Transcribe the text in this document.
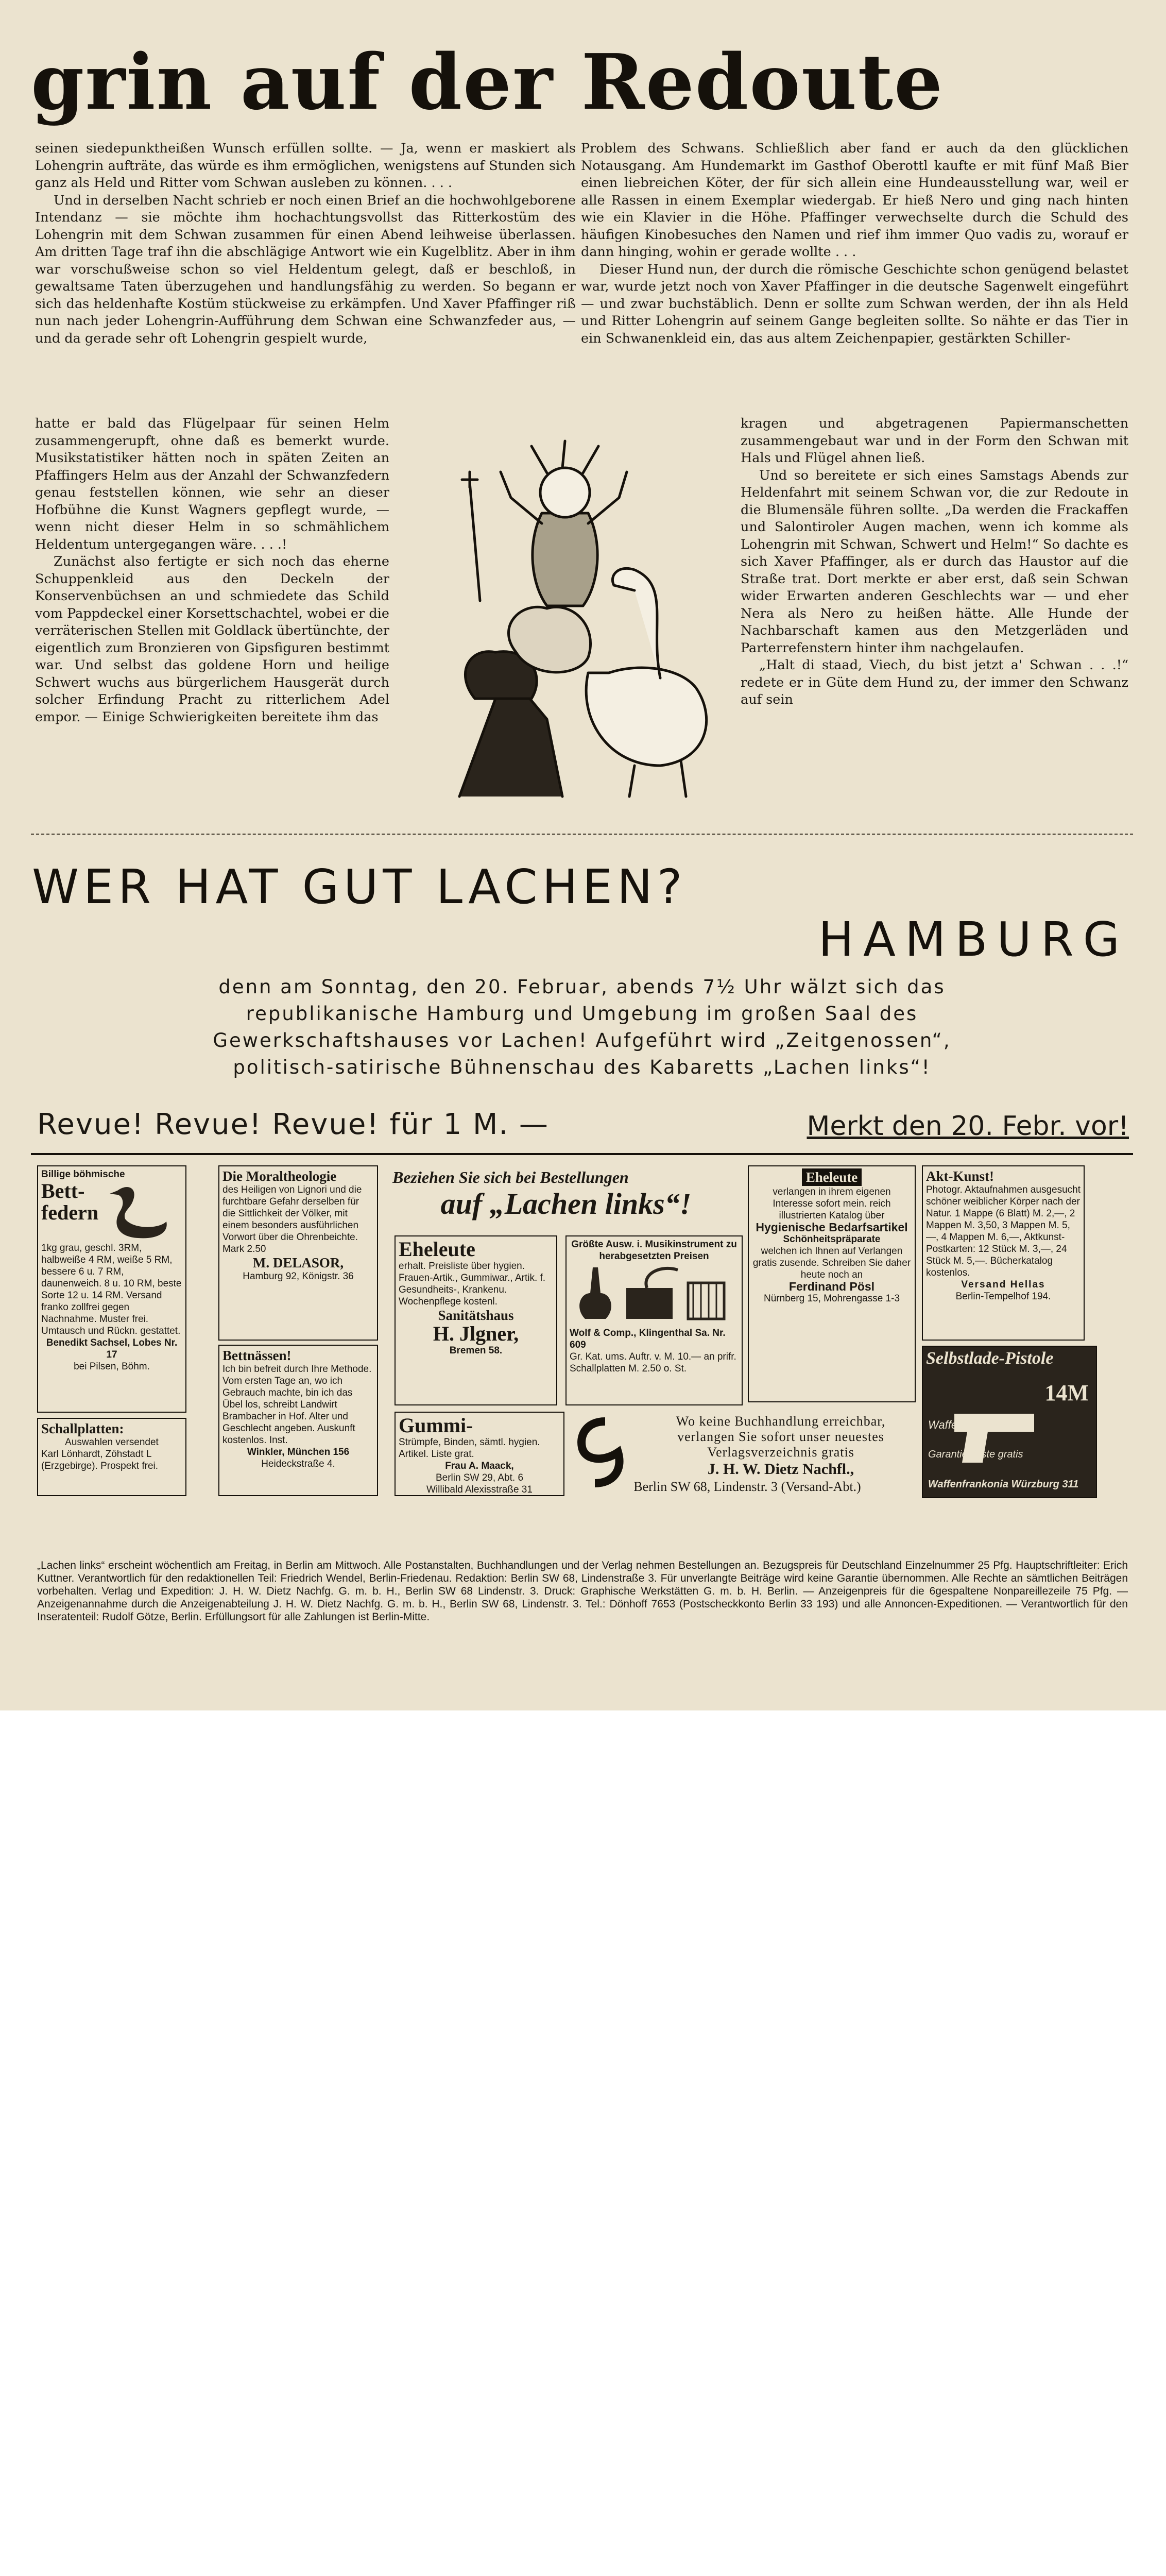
grin auf der Redoute

seinen siedepunktheißen Wunsch erfüllen sollte. — Ja, wenn er maskiert als Lohengrin aufträte, das würde es ihm ermöglichen, wenigstens auf Stunden sich ganz als Held und Ritter vom Schwan ausleben zu können. . . .

Und in derselben Nacht schrieb er noch einen Brief an die hochwohlgeborene Intendanz — sie möchte ihm hochachtungsvollst das Ritterkostüm des Lohengrin mit dem Schwan zusammen für einen Abend leihweise überlassen. Am dritten Tage traf ihn die abschlägige Antwort wie ein Kugelblitz. Aber in ihm war vorschußweise schon so viel Heldentum gelegt, daß er beschloß, in gewaltsame Taten überzugehen und handlungsfähig zu werden. So begann er sich das heldenhafte Kostüm stückweise zu erkämpfen. Und Xaver Pfaffinger riß nun nach jeder Lohengrin-Aufführung dem Schwan eine Schwanzfeder aus, — und da gerade sehr oft Lohengrin gespielt wurde,

Problem des Schwans. Schließlich aber fand er auch da den glücklichen Notausgang. Am Hundemarkt im Gasthof Oberottl kaufte er mit fünf Maß Bier einen liebreichen Köter, der für sich allein eine Hundeausstellung war, weil er alle Rassen in einem Exemplar wiedergab. Er hieß Nero und ging nach hinten wie ein Klavier in die Höhe. Pfaffinger verwechselte durch die Schuld des häufigen Kinobesuches den Namen und rief ihm immer Quo vadis zu, worauf er dann hinging, wohin er gerade wollte . . .

Dieser Hund nun, der durch die römische Geschichte schon genügend belastet war, wurde jetzt noch von Xaver Pfaffinger in die deutsche Sagenwelt eingeführt — und zwar buchstäblich. Denn er sollte zum Schwan werden, der ihn als Held und Ritter Lohengrin auf seinem Gange begleiten sollte. So nähte er das Tier in ein Schwanenkleid ein, das aus altem Zeichenpapier, gestärkten Schiller-

hatte er bald das Flügelpaar für seinen Helm zusammengerupft, ohne daß es bemerkt wurde. Musikstatistiker hätten noch in späten Zeiten an Pfaffingers Helm aus der Anzahl der Schwanzfedern genau feststellen können, wie sehr an dieser Hofbühne die Kunst Wagners gepflegt wurde, — wenn nicht dieser Helm in so schmählichem Heldentum untergegangen wäre. . . .!

Zunächst also fertigte er sich noch das eherne Schuppenkleid aus den Deckeln der Konservenbüchsen an und schmiedete das Schild vom Pappdeckel einer Korsettschachtel, wobei er die verräterischen Stellen mit Goldlack übertünchte, der eigentlich zum Bronzieren von Gipsfiguren bestimmt war. Und selbst das goldene Horn und heilige Schwert wuchs aus bürgerlichem Hausgerät durch solcher Erfindung Pracht zu ritterlichem Adel empor. — Einige Schwierigkeiten bereitete ihm das

kragen und abgetragenen Papiermanschetten zusammengebaut war und in der Form den Schwan mit Hals und Flügel ahnen ließ.

Und so bereitete er sich eines Samstags Abends zur Heldenfahrt mit seinem Schwan vor, die zur Redoute in die Blumensäle führen sollte. „Da werden die Frackaffen und Salontiroler Augen machen, wenn ich komme als Lohengrin mit Schwan, Schwert und Helm!“ So dachte es sich Xaver Pfaffinger, als er durch das Haustor auf die Straße trat. Dort merkte er aber erst, daß sein Schwan wider Erwarten anderen Geschlechts war — und eher Nera als Nero zu heißen hätte. Alle Hunde der Nachbarschaft kamen aus den Metzgerläden und Parterrefenstern hinter ihm nachgelaufen.

„Halt di staad, Viech, du bist jetzt a' Schwan . . .!“ redete er in Güte dem Hund zu, der immer den Schwanz auf sein

WER HAT GUT LACHEN?
HAMBURG
denn am Sonntag, den 20. Februar, abends 7½ Uhr wälzt sich das
republikanische Hamburg und Umgebung im großen Saal des
Gewerkschaftshauses vor Lachen! Aufgeführt wird „Zeitgenossen“,
politisch-satirische Bühnenschau des Kabaretts „Lachen links“!
Revue! Revue! Revue! für 1 M. —	Merkt den 20. Febr. vor!
Billige böhmische
Bett-federn
1kg grau, geschl. 3RM, halbweiße 4 RM, weiße 5 RM, bessere 6 u. 7 RM, daunenweich. 8 u. 10 RM, beste Sorte 12 u. 14 RM. Versand franko zollfrei gegen Nachnahme. Muster frei. Umtausch und Rückn. gestattet.
Benedikt Sachsel, Lobes Nr. 17
bei Pilsen, Böhm.
Schallplatten:
Auswahlen versendet
Karl Lönhardt, Zöhstadt L (Erzgebirge). Prospekt frei.
Die Moraltheologie
des Heiligen von Lignori und die furchtbare Gefahr derselben für die Sittlichkeit der Völker, mit einem besonders ausführlichen Vorwort über die Ohrenbeichte. Mark 2.50
M. DELASOR,
Hamburg 92, Königstr. 36
Bettnässen!
Ich bin befreit durch Ihre Methode. Vom ersten Tage an, wo ich Gebrauch machte, bin ich das Übel los, schreibt Landwirt Brambacher in Hof. Alter und Geschlecht angeben. Auskunft kostenlos. Inst.
Winkler, München 156
Heideckstraße 4.
Beziehen Sie sich bei Bestellungen
auf „Lachen links“!
Eheleute
erhalt. Preisliste über hygien. Frauen-Artik., Gummiwar., Artik. f. Gesundheits-, Krankenu. Wochenpflege kostenl.
Sanitätshaus
H. Jlgner,
Bremen 58.
Größte Ausw. i. Musikinstrument zu herabgesetzten Preisen
Wolf & Comp., Klingenthal Sa. Nr. 609
Gr. Kat. ums. Auftr. v. M. 10.— an prifr. Schallplatten M. 2.50 o. St.
Gummi-
Strümpfe, Binden, sämtl. hygien. Artikel. Liste grat.
Frau A. Maack,
Berlin SW 29, Abt. 6
Willibald Alexisstraße 31
Wo keine Buchhandlung erreichbar, verlangen Sie sofort unser neuestes Verlagsverzeichnis gratis
J. H. W. Dietz Nachfl.,
Berlin SW 68, Lindenstr. 3 (Versand-Abt.)
Eheleute
verlangen in ihrem eigenen Interesse sofort mein. reich illustrierten Katalog über
Hygienische Bedarfsartikel
Schönheitspräparate
welchen ich Ihnen auf Verlangen gratis zusende. Schreiben Sie daher heute noch an
Ferdinand Pösl
Nürnberg 15, Mohrengasse 1-3
Akt-Kunst!
Photogr. Aktaufnahmen ausgesucht schöner weiblicher Körper nach der Natur. 1 Mappe (6 Blatt) M. 2,—, 2 Mappen M. 3,50, 3 Mappen M. 5,—, 4 Mappen M. 6,—, Aktkunst-Postkarten: 12 Stück M. 3,—, 24 Stück M. 5,—. Bücherkatalog kostenlos.
Versand Hellas
Berlin-Tempelhof 194.
Selbstlade-Pistole
14M
Waffen aller Art
Garantie! Liste gratis
Waffenfrankonia Würzburg 311
„Lachen links“ erscheint wöchentlich am Freitag, in Berlin am Mittwoch. Alle Postanstalten, Buchhandlungen und der Verlag nehmen Bestellungen an. Bezugspreis für Deutschland Einzelnummer 25 Pfg. Hauptschriftleiter: Erich Kuttner. Verantwortlich für den redaktionellen Teil: Friedrich Wendel, Berlin-Friedenau. Redaktion: Berlin SW 68, Lindenstraße 3. Für unverlangte Beiträge wird keine Garantie übernommen. Alle Rechte an sämtlichen Beiträgen vorbehalten. Verlag und Expedition: J. H. W. Dietz Nachfg. G. m. b. H., Berlin SW 68 Lindenstr. 3. Druck: Graphische Werkstätten G. m. b. H. Berlin. — Anzeigenpreis für die 6gespaltene Nonpareillezeile 75 Pfg. — Anzeigenannahme durch die Anzeigenabteilung J. H. W. Dietz Nachfg. G. m. b. H., Berlin SW 68, Lindenstr. 3. Tel.: Dönhoff 7653 (Postscheckkonto Berlin 33 193) und alle Annoncen-Expeditionen. — Verantwortlich für den Inseratenteil: Rudolf Götze, Berlin. Erfüllungsort für alle Zahlungen ist Berlin-Mitte.
